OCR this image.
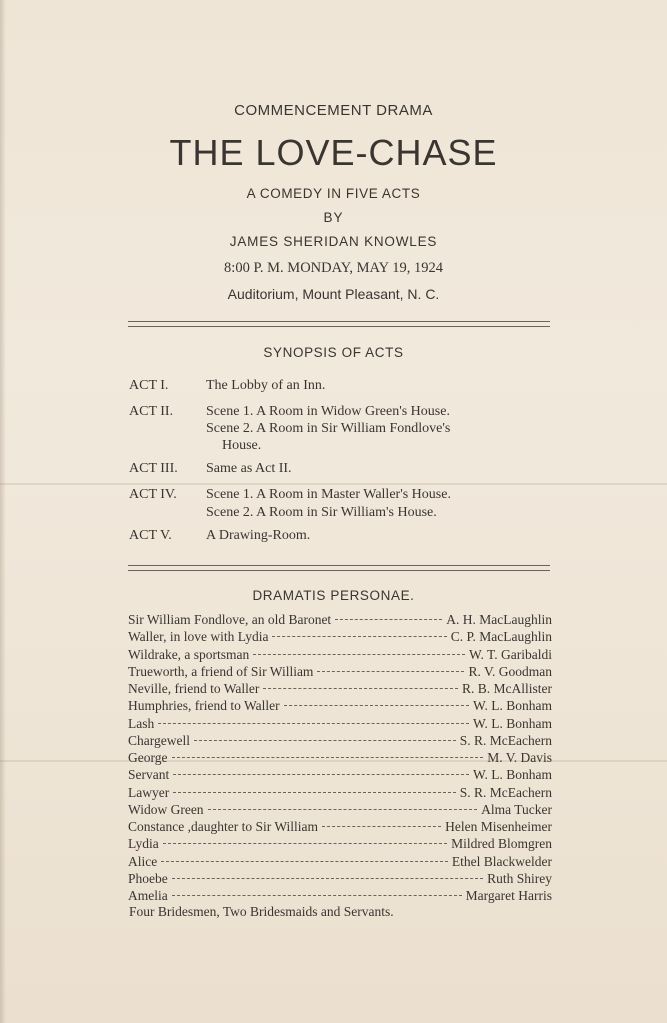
COMMENCEMENT DRAMA
THE LOVE-CHASE
A COMEDY IN FIVE ACTS
BY
JAMES SHERIDAN KNOWLES
8:00 P. M. MONDAY, MAY 19, 1924
Auditorium, Mount Pleasant, N. C.
SYNOPSIS OF ACTS
ACT I.	The Lobby of an Inn.
ACT II. Scene 1. A Room in Widow Green's House.
Scene 2. A Room in Sir William Fondlove's
House.
ACT III. Same as Act II.
ACT IV. Scene 1. A Room in Master Waller's House.
Scene 2. A Room in Sir William's House.
ACT V. A Drawing-Room.
DRAMATIS PERSONAE.
Sir William Fondlove, an old Baronet	A. H. MacLaughlin
Waller, in love with Lydia	C. P. MacLaughlin
Wildrake, a sportsman	W. T. Garibaldi
Trueworth, a friend of Sir William	R. V. Goodman
Neville, friend to Waller	R. B. McAllister
Humphries, friend to Waller	W. L. Bonham
Lash	W. L. Bonham
Chargewell	S. R. McEachern
George	M. V. Davis
Servant	W. L. Bonham
Lawyer	S. R. McEachern
Widow Green	Alma Tucker
Constance ,daughter to Sir William	Helen Misenheimer
Lydia	Mildred Blomgren
Alice	Ethel Blackwelder
Phoebe	Ruth Shirey
Amelia	Margaret Harris
Four Bridesmen, Two Bridesmaids and Servants.
